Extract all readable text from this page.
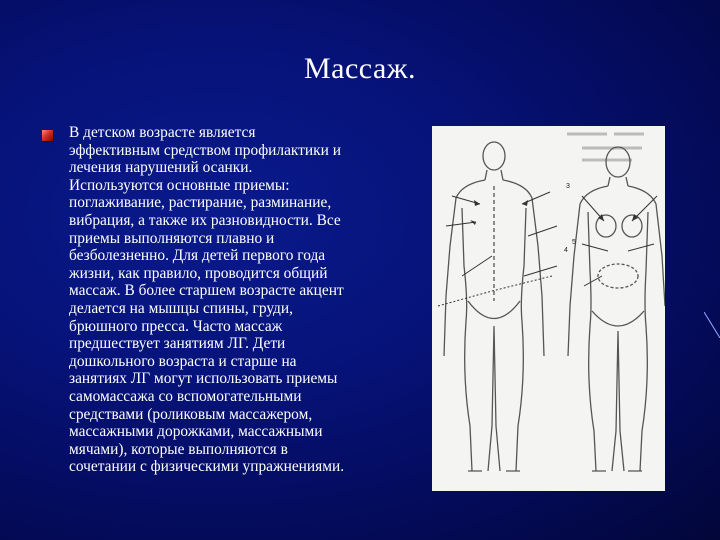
Массаж.
В детском возрасте является
эффективным средством профилактики и
лечения нарушений осанки.
Используются основные приемы:
поглаживание, растирание, разминание,
вибрация, а также их разновидности. Все
приемы выполняются плавно и
безболезненно. Для детей первого года
жизни, как правило, проводится общий
массаж. В более старшем возрасте акцент
делается на мышцы спины, груди,
брюшного пресса. Часто массаж
предшествует занятиям ЛГ. Дети
дошкольного возраста и старше на
занятиях ЛГ могут использовать приемы
самомассажа со вспомогательными
средствами (роликовым массажером,
массажными дорожками, массажными
мячами), которые выполняются в
сочетании с физическими упражнениями.
3
5
4
